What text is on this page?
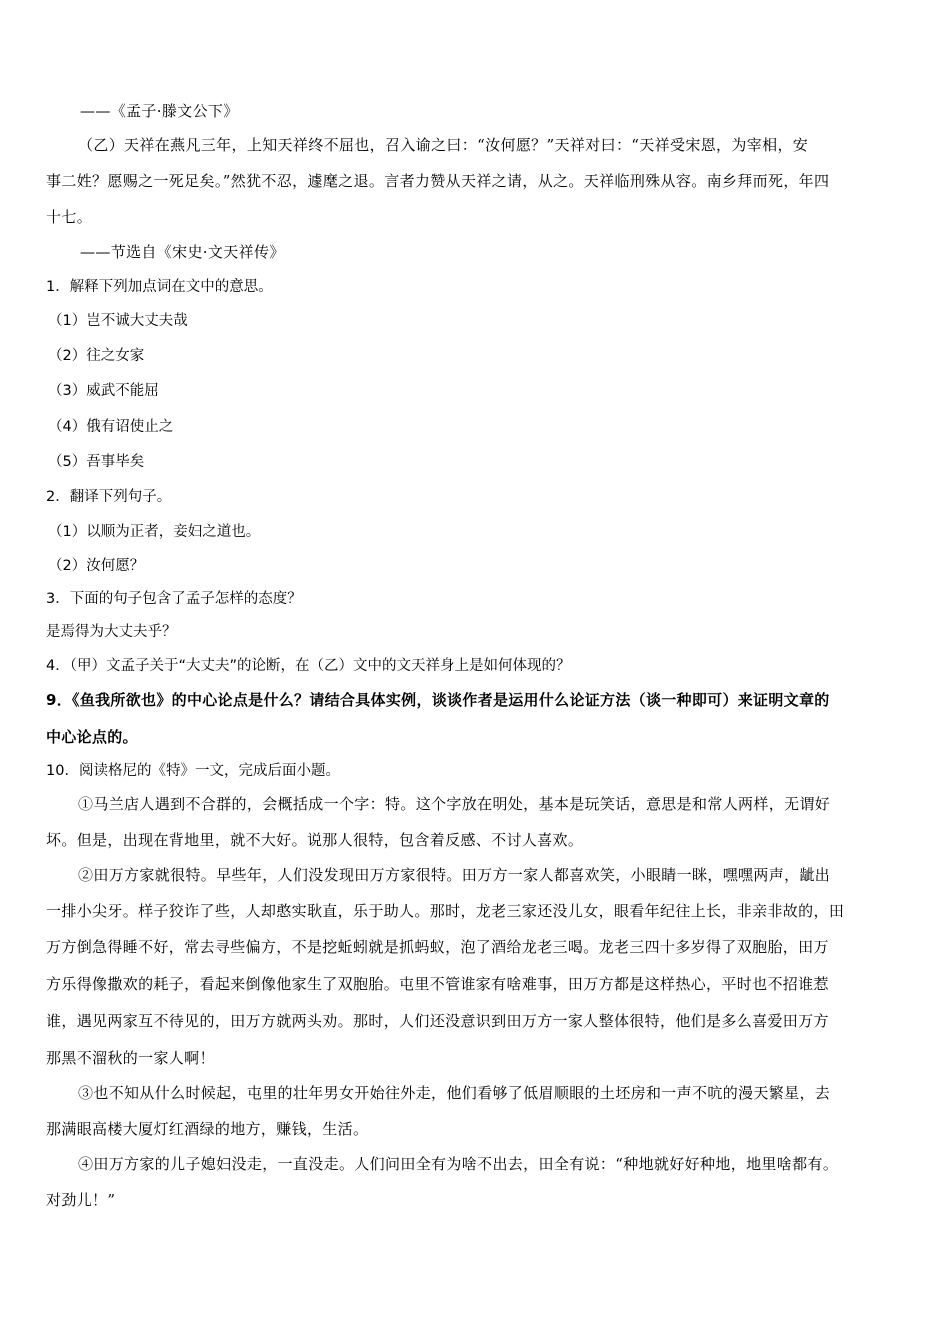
——《孟子·滕文公下》
（乙）天祥在燕凡三年，上知天祥终不屈也，召入谕之曰：“汝何愿？”天祥对曰：“天祥受宋恩，为宰相，安
事二姓？愿赐之一死足矣。”然犹不忍，遽麾之退。言者力赞从天祥之请，从之。天祥临刑殊从容。南乡拜而死，年四
十七。
——节选自《宋史·文天祥传》
1．解释下列加点词在文中的意思。
（1）岂不诚大丈夫哉
（2）往之女家
（3）威武不能屈
（4）俄有诏使止之
（5）吾事毕矣
2．翻译下列句子。
（1）以顺为正者，妾妇之道也。
（2）汝何愿？
3．下面的句子包含了孟子怎样的态度？
是焉得为大丈夫乎？
4．（甲）文孟子关于“大丈夫”的论断，在（乙）文中的文天祥身上是如何体现的？
9．《鱼我所欲也》的中心论点是什么？请结合具体实例，谈谈作者是运用什么论证方法（谈一种即可）来证明文章的
中心论点的。
10．阅读格尼的《特》一文，完成后面小题。
①马兰店人遇到不合群的，会概括成一个字：特。这个字放在明处，基本是玩笑话，意思是和常人两样，无谓好
坏。但是，出现在背地里，就不大好。说那人很特，包含着反感、不讨人喜欢。
②田万方家就很特。早些年，人们没发现田万方家很特。田万方一家人都喜欢笑，小眼睛一眯，嘿嘿两声，龇出
一排小尖牙。样子狡诈了些，人却憨实耿直，乐于助人。那时，龙老三家还没儿女，眼看年纪往上长，非亲非故的，田
万方倒急得睡不好，常去寻些偏方，不是挖蚯蚓就是抓蚂蚁，泡了酒给龙老三喝。龙老三四十多岁得了双胞胎，田万
方乐得像撒欢的耗子，看起来倒像他家生了双胞胎。屯里不管谁家有啥难事，田万方都是这样热心，平时也不招谁惹
谁，遇见两家互不待见的，田万方就两头劝。那时，人们还没意识到田万方一家人整体很特，他们是多么喜爱田万方
那黑不溜秋的一家人啊！
③也不知从什么时候起，屯里的壮年男女开始往外走，他们看够了低眉顺眼的土坯房和一声不吭的漫天繁星，去
那满眼高楼大厦灯红酒绿的地方，赚钱，生活。
④田万方家的儿子媳妇没走，一直没走。人们问田全有为啥不出去，田全有说：“种地就好好种地，地里啥都有。
对劲儿！”
